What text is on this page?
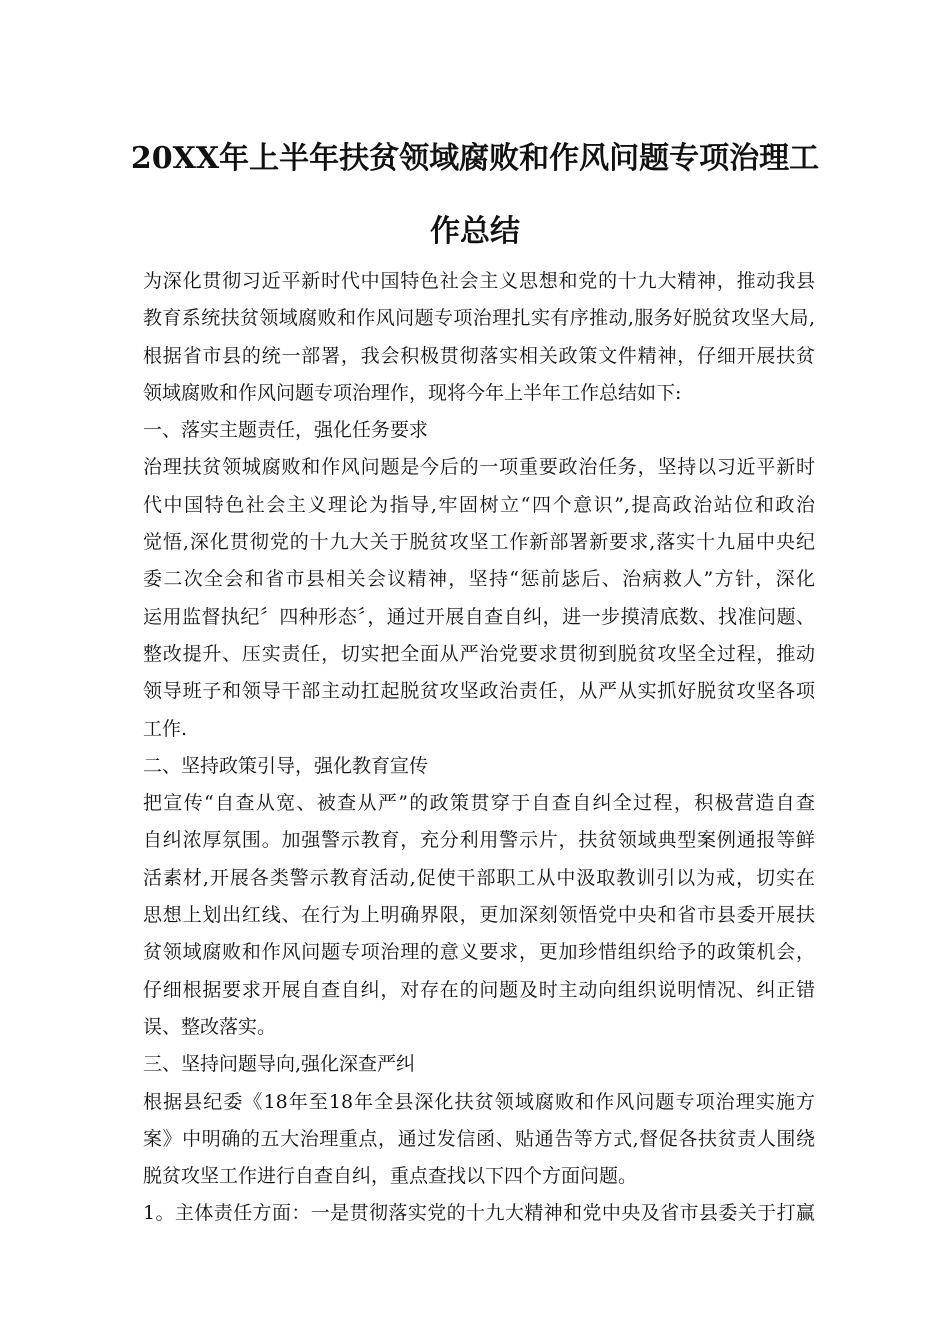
20XX年上半年扶贫领域腐败和作风问题专项治理工
作总结
为深化贯彻习近平新时代中国特色社会主义思想和党的十九大精神，推动我县
教育系统扶贫领域腐败和作风问题专项治理扎实有序推动,服务好脱贫攻坚大局,
根据省市县的统一部署，我会积极贯彻落实相关政策文件精神，仔细开展扶贫
领域腐败和作风问题专项治理作，现将今年上半年工作总结如下:
一、落实主题责任，强化任务要求
治理扶贫领城腐败和作风问题是今后的一项重要政治任务，坚持以习近平新时
代中国特色社会主义理论为指导,牢固树立“四个意识”,提高政治站位和政治
觉悟,深化贯彻党的十九大关于脱贫攻坚工作新部署新要求,落实十九届中央纪
委二次全会和省市县相关会议精神，坚持“惩前毖后、治病救人”方针，深化
运用监督执纪〞四种形态〞，通过开展自查自纠，进一步摸清底数、找准问题、
整改提升、压实责任，切实把全面从严治党要求贯彻到脱贫攻坚全过程，推动
领导班子和领导干部主动扛起脱贫攻坚政治责任，从严从实抓好脱贫攻坚各项
工作.
二、坚持政策引导，强化教育宣传
把宣传“自查从宽、被查从严”的政策贯穿于自查自纠全过程，积极营造自查
自纠浓厚氛围。加强警示教育，充分利用警示片，扶贫领域典型案例通报等鲜
活素材,开展各类警示教育活动,促使干部职工从中汲取教训引以为戒，切实在
思想上划出红线、在行为上明确界限，更加深刻领悟党中央和省市县委开展扶
贫领域腐败和作风问题专项治理的意义要求，更加珍惜组织给予的政策机会，
仔细根据要求开展自查自纠，对存在的问题及时主动向组织说明情况、纠正错
误、整改落实。
三、坚持问题导向,强化深查严纠
根据县纪委《18年至18年全县深化扶贫领域腐败和作风问题专项治理实施方
案》中明确的五大治理重点，通过发信函、贴通告等方式,督促各扶贫责人围绕
脱贫攻坚工作进行自查自纠，重点查找以下四个方面问题。
1。主体责任方面：一是贯彻落实党的十九大精神和党中央及省市县委关于打赢
